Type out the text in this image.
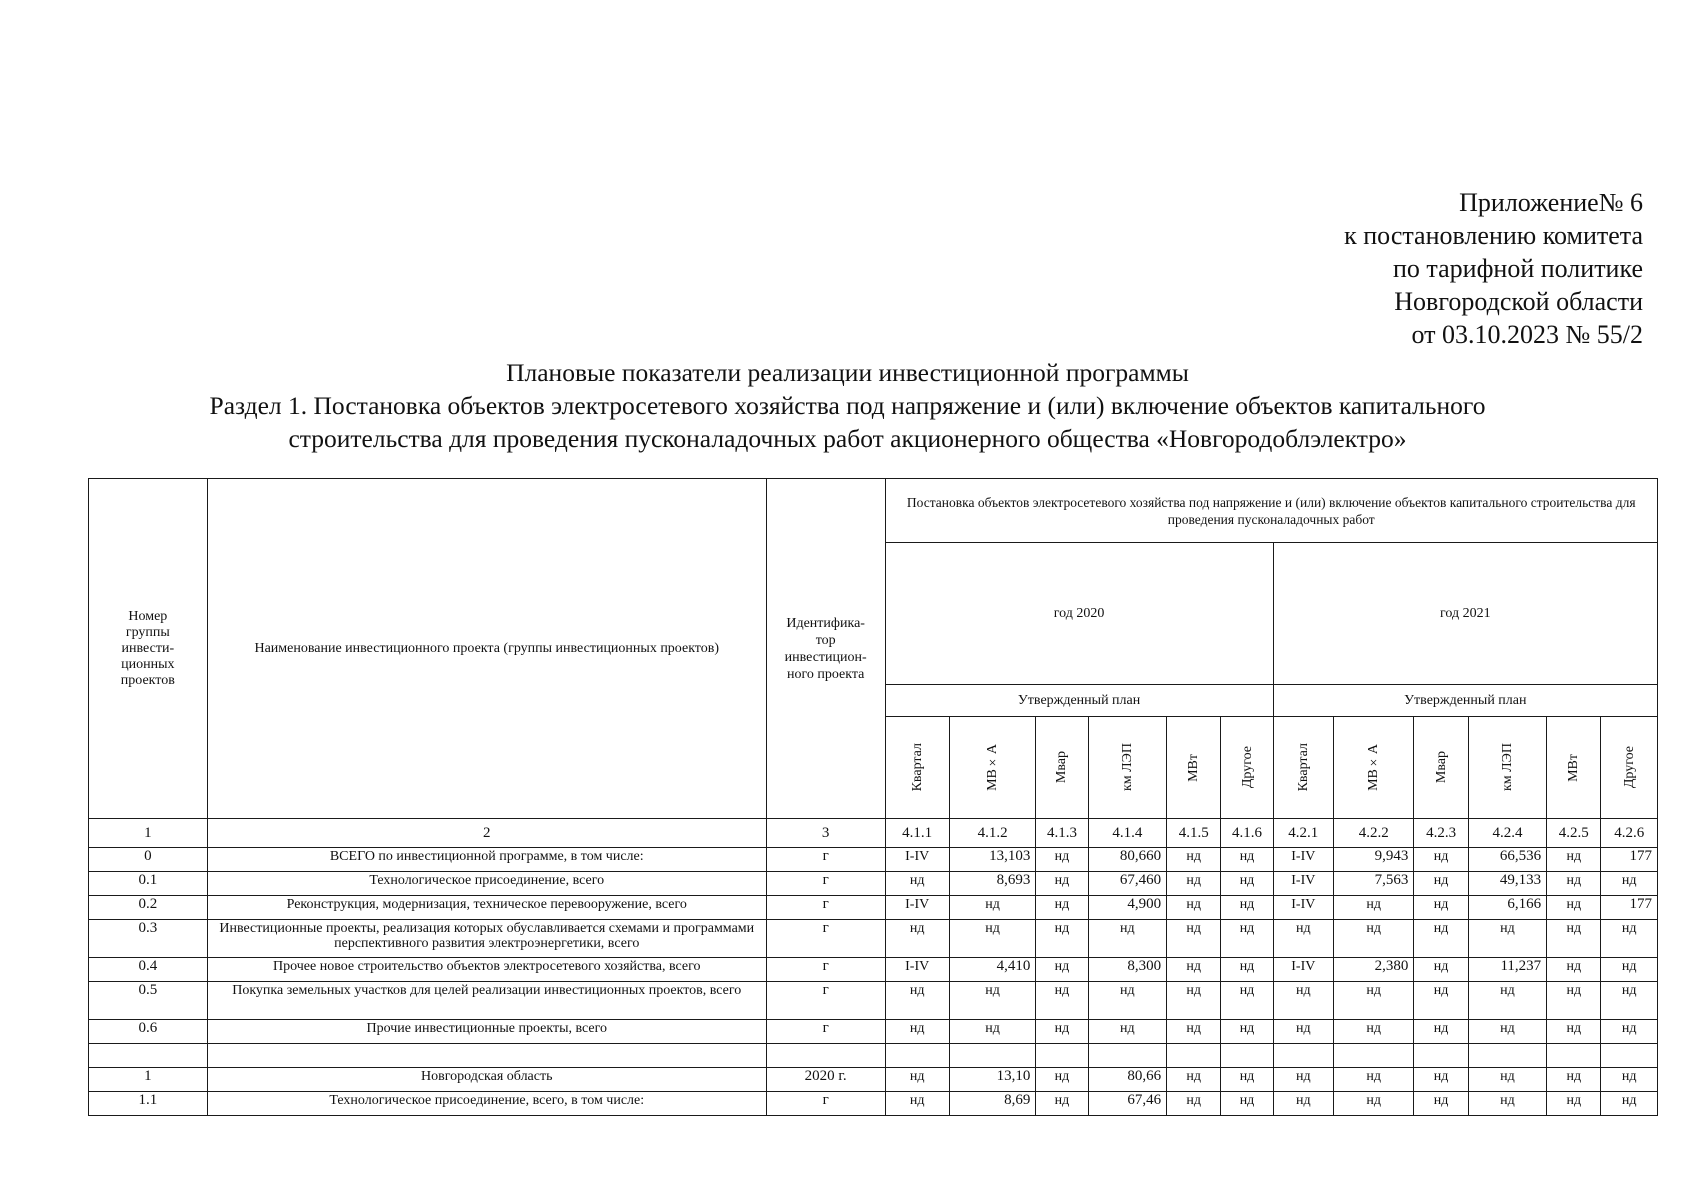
Приложение№ 6
к постановлению комитета
по тарифной политике
Новгородской области
от 03.10.2023 № 55/2
Плановые показатели реализации инвестиционной программы
Раздел 1. Постановка объектов электросетевого хозяйства под напряжение и (или) включение объектов капитального
строительства для проведения пусконаладочных работ акционерного общества «Новгородоблэлектро»
Номер группы инвести-ционных проектов	Наименование инвестиционного проекта (группы инвестиционных проектов)	Идентифика-тор инвестицион-ного проекта	Постановка объектов электросетевого хозяйства под напряжение и (или) включение объектов капитального строительства для проведения пусконаладочных работ											

			год 2020						год 2021					
			Утвержденный план						Утвержденный план					

			Квартал	МВ×А	Мвар	км ЛЭП	МВт	Другое	Квартал	МВ×А	Мвар	км ЛЭП	МВт	Другое

1	2	3	4.1.1	4.1.2	4.1.3	4.1.4	4.1.5	4.1.6	4.2.1	4.2.2	4.2.3	4.2.4	4.2.5	4.2.6
0	ВСЕГО по инвестиционной программе, в том числе:	г	I-IV	13,103	нд	80,660	нд	нд	I-IV	9,943	нд	66,536	нд	177
0.1	Технологическое присоединение, всего	г	нд	8,693	нд	67,460	нд	нд	I-IV	7,563	нд	49,133	нд	нд
0.2	Реконструкция, модернизация, техническое перевооружение, всего	г	I-IV	нд	нд	4,900	нд	нд	I-IV	нд	нд	6,166	нд	177
0.3	Инвестиционные проекты, реализация которых обуславливается схемами и программами перспективного развития электроэнергетики, всего	г	нд	нд	нд	нд	нд	нд	нд	нд	нд	нд	нд	нд
0.4	Прочее новое строительство объектов электросетевого хозяйства, всего	г	I-IV	4,410	нд	8,300	нд	нд	I-IV	2,380	нд	11,237	нд	нд
0.5	Покупка земельных участков для целей реализации инвестиционных проектов, всего	г	нд	нд	нд	нд	нд	нд	нд	нд	нд	нд	нд	нд
0.6	Прочие инвестиционные проекты, всего	г	нд	нд	нд	нд	нд	нд	нд	нд	нд	нд	нд	нд

1	Новгородская область	2020 г.	нд	13,10	нд	80,66	нд	нд	нд	нд	нд	нд	нд	нд
1.1	Технологическое присоединение, всего, в том числе:	г	нд	8,69	нд	67,46	нд	нд	нд	нд	нд	нд	нд	нд
